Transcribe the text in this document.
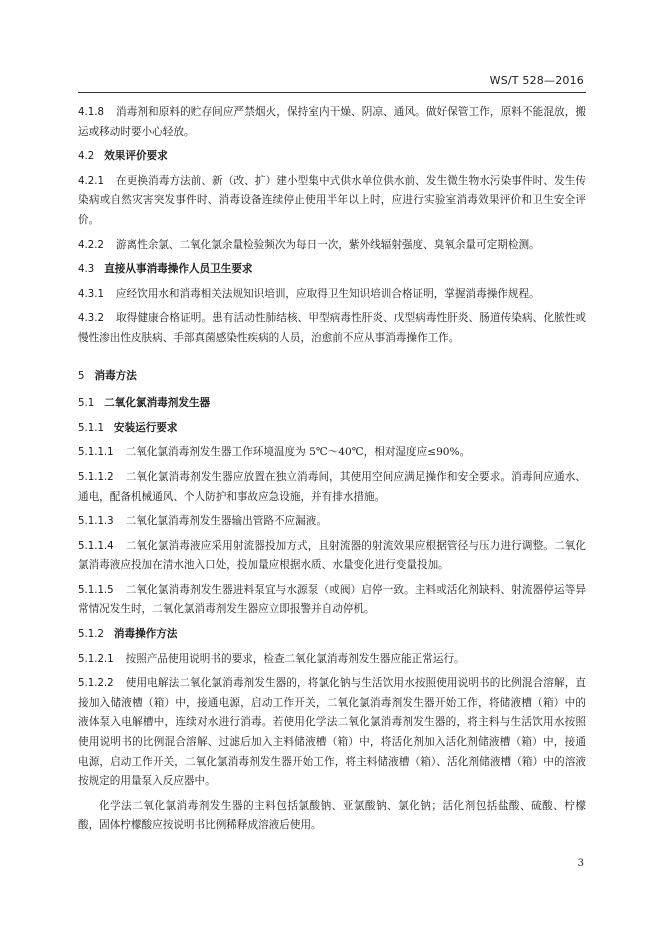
WS/T 528—2016

4.1.8 消毒剂和原料的贮存间应严禁烟火，保持室内干燥、阴凉、通风。做好保管工作，原料不能混放，搬运或移动时要小心轻放。

4.2 效果评价要求

4.2.1 在更换消毒方法前、新（改、扩）建小型集中式供水单位供水前、发生微生物水污染事件时、发生传染病或自然灾害突发事件时、消毒设备连续停止使用半年以上时，应进行实验室消毒效果评价和卫生安全评价。

4.2.2 游离性余氯、二氧化氯余量检验频次为每日一次，紫外线辐射强度、臭氧余量可定期检测。

4.3 直接从事消毒操作人员卫生要求

4.3.1 应经饮用水和消毒相关法规知识培训，应取得卫生知识培训合格证明，掌握消毒操作规程。

4.3.2 取得健康合格证明。患有活动性肺结核、甲型病毒性肝炎、戊型病毒性肝炎、肠道传染病、化脓性或慢性渗出性皮肤病、手部真菌感染性疾病的人员，治愈前不应从事消毒操作工作。

5 消毒方法

5.1 二氧化氯消毒剂发生器

5.1.1 安装运行要求

5.1.1.1 二氧化氯消毒剂发生器工作环境温度为 5℃～40℃，相对湿度应≤90%。

5.1.1.2 二氧化氯消毒剂发生器应放置在独立消毒间，其使用空间应满足操作和安全要求。消毒间应通水、通电，配备机械通风、个人防护和事故应急设施，并有排水措施。

5.1.1.3 二氧化氯消毒剂发生器输出管路不应漏液。

5.1.1.4 二氧化氯消毒液应采用射流器投加方式，且射流器的射流效果应根据管径与压力进行调整。二氧化氯消毒液应投加在清水池入口处，投加量应根据水质、水量变化进行变量投加。

5.1.1.5 二氧化氯消毒剂发生器进料泵宜与水源泵（或阀）启停一致。主料或活化剂缺料、射流器停运等异常情况发生时，二氧化氯消毒剂发生器应立即报警并自动停机。

5.1.2 消毒操作方法

5.1.2.1 按照产品使用说明书的要求，检查二氧化氯消毒剂发生器应能正常运行。

5.1.2.2 使用电解法二氧化氯消毒剂发生器的，将氯化钠与生活饮用水按照使用说明书的比例混合溶解，直接加入储液槽（箱）中，接通电源，启动工作开关，二氧化氯消毒剂发生器开始工作，将储液槽（箱）中的液体泵入电解槽中，连续对水进行消毒。若使用化学法二氧化氯消毒剂发生器的，将主料与生活饮用水按照使用说明书的比例混合溶解、过滤后加入主料储液槽（箱）中，将活化剂加入活化剂储液槽（箱）中，接通电源，启动工作开关，二氧化氯消毒剂发生器开始工作，将主料储液槽（箱）、活化剂储液槽（箱）中的溶液按规定的用量泵入反应器中。

化学法二氧化氯消毒剂发生器的主料包括氯酸钠、亚氯酸钠、氯化钠；活化剂包括盐酸、硫酸、柠檬酸，固体柠檬酸应按说明书比例稀释成溶液后使用。

3
